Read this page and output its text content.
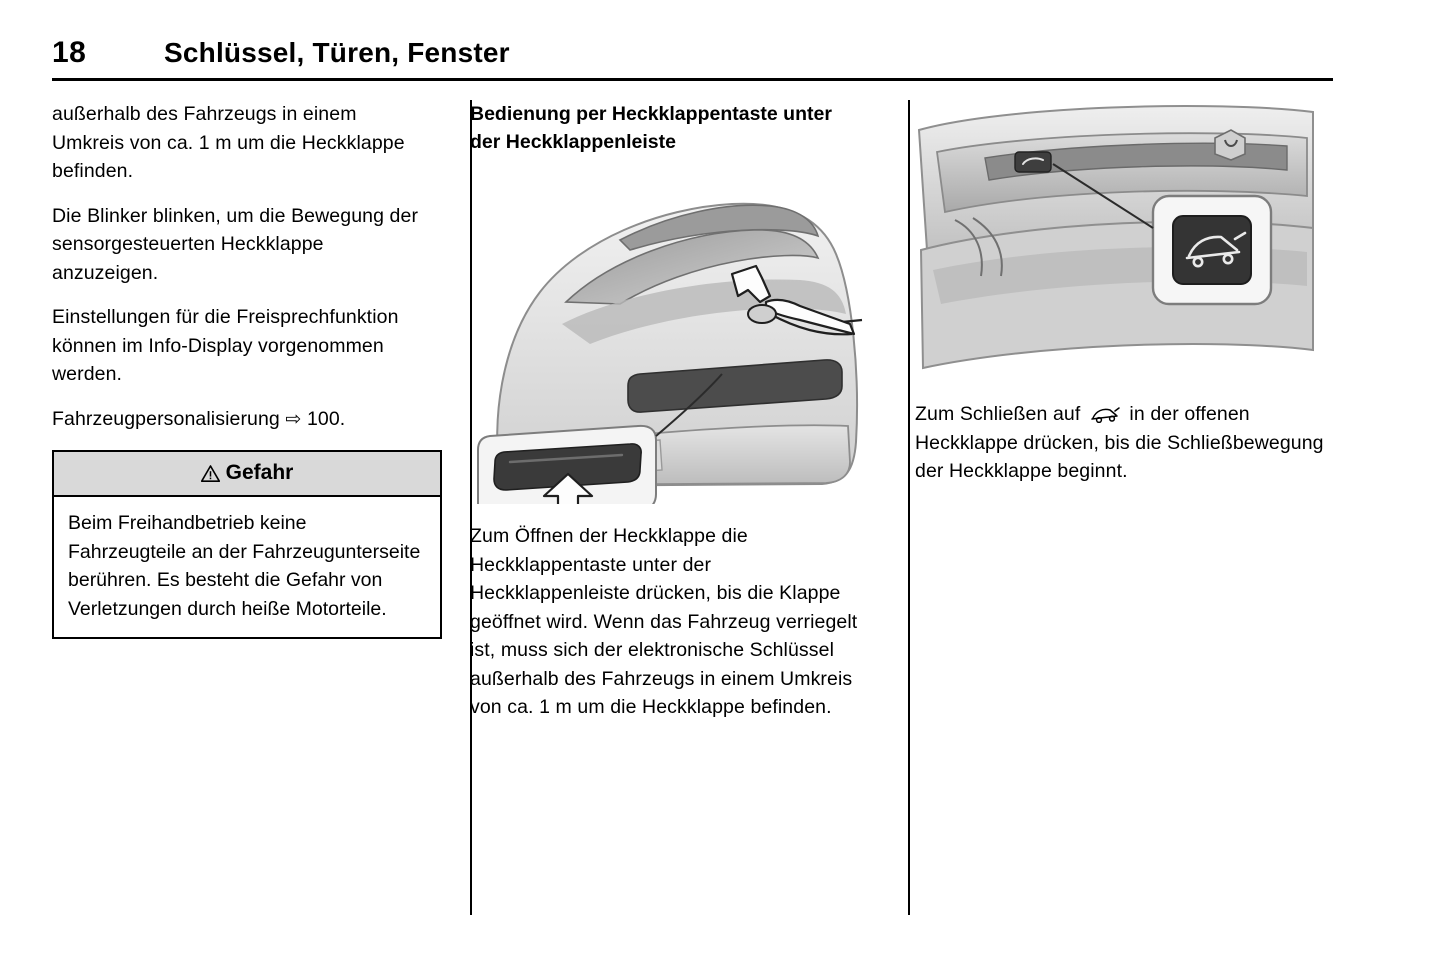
18	Schlüssel, Türen, Fenster

außerhalb des Fahrzeugs in einem Umkreis von ca. 1 m um die Heckklappe befinden.

Die Blinker blinken, um die Bewegung der sensorgesteuerten Heckklappe anzuzeigen.

Einstellungen für die Freisprechfunktion können im Info-Display vorgenommen werden.

Fahrzeugpersonalisierung ⇨ 100.

Gefahr
Beim Freihandbetrieb keine Fahrzeugteile an der Fahrzeugunterseite berühren. Es besteht die Gefahr von Verletzungen durch heiße Motorteile.
Bedienung per Heckklappentaste unter der Heckklappenleiste

Zum Öffnen der Heckklappe die Heckklappentaste unter der Heckklappenleiste drücken, bis die Klappe geöffnet wird. Wenn das Fahrzeug verriegelt ist, muss sich der elektronische Schlüssel außerhalb des Fahrzeugs in einem Umkreis von ca. 1 m um die Heckklappe befinden.

Zum Schließen auf	in der offenen Heckklappe drücken, bis die Schließbewegung der Heckklappe beginnt.
